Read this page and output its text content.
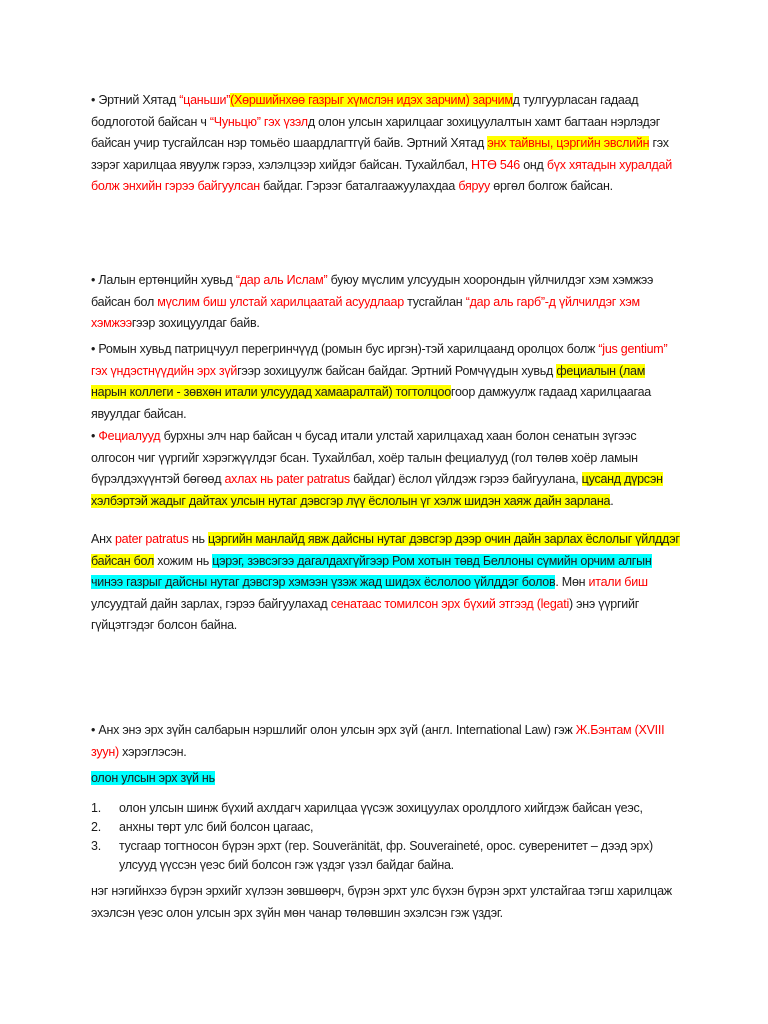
• Эртний Хятад “цаньши”(Хөршийнхөө газрыг хүмслэн идэх зарчим) зарчимд тулгуурласан гадаад бодлоготой байсан ч “Чуньцю” гэх үзэлд олон улсын харилцааг зохицуулалтын хамт багтаан нэрлэдэг байсан учир тусгайлсан нэр томьёо шаардлагтгүй байв. Эртний Хятад энх тайвны, цэргийн эвслийн гэх зэрэг харилцаа явуулж гэрээ, хэлэлцээр хийдэг байсан. Тухайлбал, НТӨ 546 онд бүх хятадын хуралдай болж энхийн гэрээ байгуулсан байдаг. Гэрээг баталгаажуулахдаа бяруу өргөл болгож байсан.

• Лалын ертөнцийн хувьд “дар аль Ислам” буюу мүслим улсуудын хоорондын үйлчилдэг хэм хэмжээ байсан бол мүслим биш улстай харилцаатай асуудлаар тусгайлан “дар аль гарб”-д үйлчилдэг хэм хэмжээгээр зохицуулдаг байв.

• Ромын хувьд патрицчуул перегринчүүд (ромын бус иргэн)-тэй харилцаанд оролцох болж “jus gentium” гэх үндэстнүүдийн эрх зүйгээр зохицуулж байсан байдаг. Эртний Ромчүүдын хувьд фециалын (лам нарын коллеги - зөвхөн итали улсуудад хамааралтай) тогтолцоогоор дамжуулж гадаад харилцаагаа явуулдаг байсан.

• Фециалууд бурхны элч нар байсан ч бусад итали улстай харилцахад хаан болон сенатын зүгээс олгосон чиг үүргийг хэрэгжүүлдэг бсан. Тухайлбал, хоёр талын фециалууд (гол төлөв хоёр ламын бүрэлдэхүүнтэй бөгөөд ахлах нь pater patratus байдаг) ёслол үйлдэж гэрээ байгуулана, цусанд дүрсэн хэлбэртэй жадыг дайтах улсын нутаг дэвсгэр лүү ёслолын үг хэлж шидэн хаяж дайн зарлана.

Анх pater patratus нь цэргийн манлайд явж дайсны нутаг дэвсгэр дээр очин дайн зарлах ёслолыг үйлддэг байсан бол хожим нь цэрэг, зэвсэгээ дагалдахгүйгээр Ром хотын төвд Беллоны сүмийн орчим алгын чинээ газрыг дайсны нутаг дэвсгэр хэмээн үзэж жад шидэх ёслолоо үйлддэг болов. Мөн итали биш улсуудтай дайн зарлах, гэрээ байгуулахад сенатаас томилсон эрх бүхий этгээд (legati) энэ үүргийг гүйцэтгэдэг болсон байна.

• Анх энэ эрх зүйн салбарын нэршлийг олон улсын эрх зүй (англ. International Law) гэж Ж.Бэнтам (XVIII зуун) хэрэглэсэн.

олон улсын эрх зүй нь

1. олон улсын шинж бүхий ахлдагч харилцаа үүсэж зохицуулах оролдлого хийгдэж байсан үеэс,
2. анхны төрт улс бий болсон цагаас,
3. тусгаар тогтносон бүрэн эрхт (гер. Souveränität, фр. Souveraineté, орос. суверенитет – дээд эрх) улсууд үүссэн үеэс бий болсон гэж үздэг үзэл байдаг байна.

нэг нэгийнхээ бүрэн эрхийг хүлээн зөвшөөрч, бүрэн эрхт улс бүхэн бүрэн эрхт улстайгаа тэгш харилцаж эхэлсэн үеэс олон улсын эрх зүйн мөн чанар төлөвшин эхэлсэн гэж үздэг.
